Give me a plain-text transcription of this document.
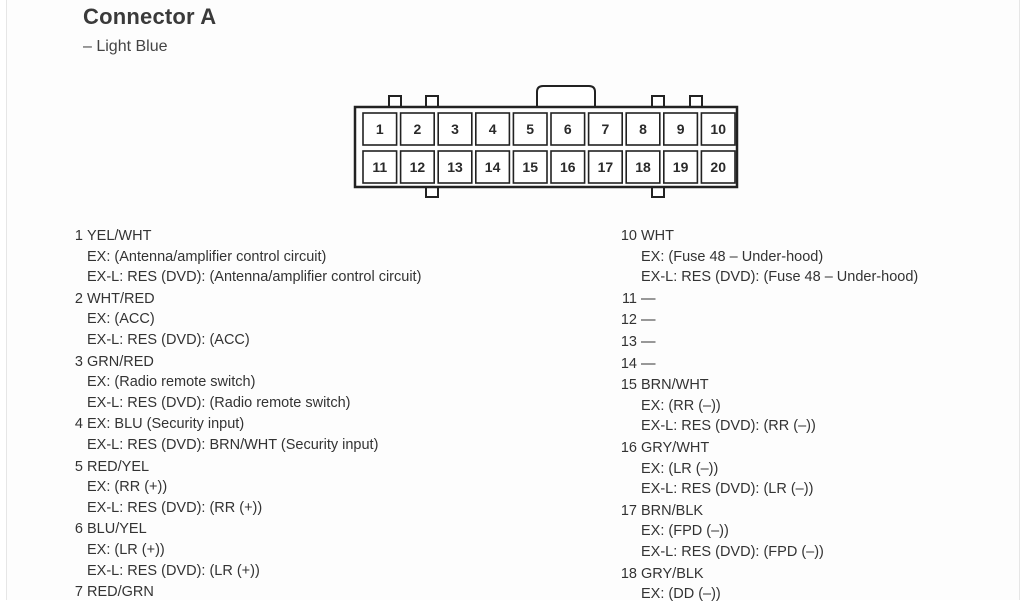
Connector A
– Light Blue
1 2 3 4 5 6 7 8 9 10
11 12 13 14 15 16 17 18 19 20
1 YEL/WHT
EX: (Antenna/amplifier control circuit)
EX-L: RES (DVD): (Antenna/amplifier control circuit)
2 WHT/RED
EX: (ACC)
EX-L: RES (DVD): (ACC)
3 GRN/RED
EX: (Radio remote switch)
EX-L: RES (DVD): (Radio remote switch)
4 EX: BLU (Security input)
EX-L: RES (DVD): BRN/WHT (Security input)
5 RED/YEL
EX: (RR (+))
EX-L: RES (DVD): (RR (+))
6 BLU/YEL
EX: (LR (+))
EX-L: RES (DVD): (LR (+))
7 RED/GRN
10 WHT
EX: (Fuse 48 – Under-hood)
EX-L: RES (DVD): (Fuse 48 – Under-hood)
11 —
12 —
13 —
14 —
15 BRN/WHT
EX: (RR (–))
EX-L: RES (DVD): (RR (–))
16 GRY/WHT
EX: (LR (–))
EX-L: RES (DVD): (LR (–))
17 BRN/BLK
EX: (FPD (–))
EX-L: RES (DVD): (FPD (–))
18 GRY/BLK
EX: (DD (–))
